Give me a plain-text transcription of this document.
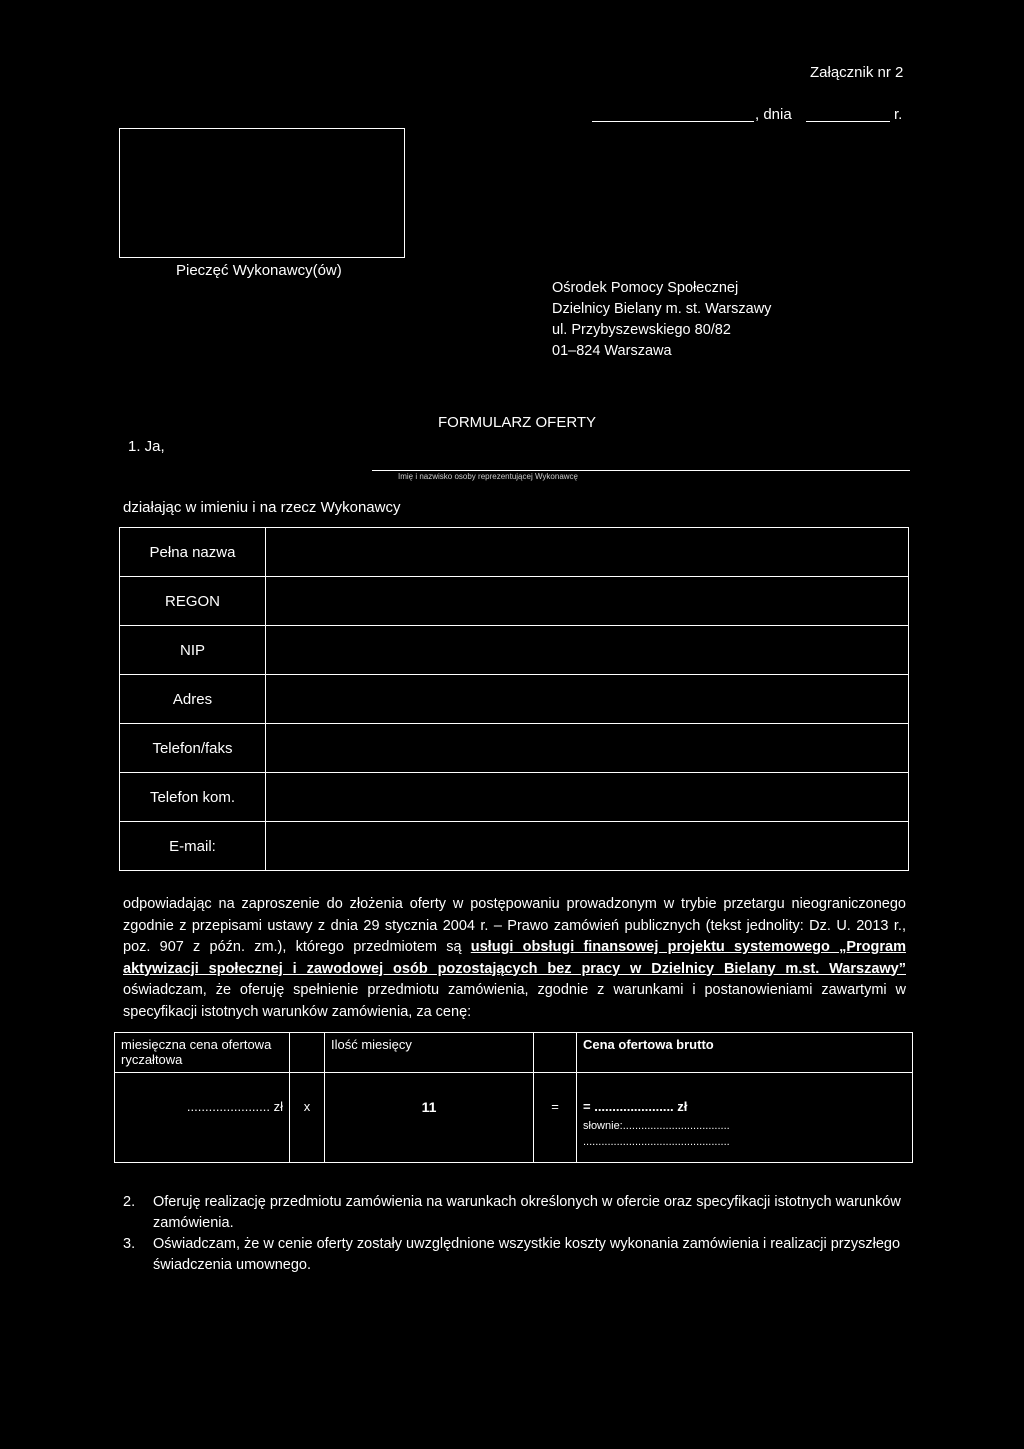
Załącznik nr 2
, dnia	r.
Pieczęć Wykonawcy(ów)
Ośrodek Pomocy Społecznej
Dzielnicy Bielany m. st. Warszawy
ul. Przybyszewskiego 80/82
01–824 Warszawa
FORMULARZ OFERTY
1. Ja,
Imię i nazwisko osoby reprezentującej Wykonawcę
działając w imieniu i na rzecz Wykonawcy
Pełna nazwa	
REGON	
NIP	
Adres	
Telefon/faks	
Telefon kom.	
E-mail:	
odpowiadając na zaproszenie do złożenia oferty w postępowaniu prowadzonym w trybie przetargu nieograniczonego zgodnie z przepisami ustawy z dnia 29 stycznia 2004 r. – Prawo zamówień publicznych (tekst jednolity: Dz. U. 2013 r., poz. 907 z późn. zm.), którego przedmiotem są usługi obsługi finansowej projektu systemowego „Program aktywizacji społecznej i zawodowej osób pozostających bez pracy w Dzielnicy Bielany m.st. Warszawy” oświadczam, że oferuję spełnienie przedmiotu zamówienia, zgodnie z warunkami i postanowieniami zawartymi w specyfikacji istotnych warunków zamówienia, za cenę:
miesięczna cena ofertowa ryczałtowa		Ilość miesięcy		Cena ofertowa brutto
....................... zł	x	11	=	= ...................... zł
słownie:...................................
................................................
2.	Oferuję realizację przedmiotu zamówienia na warunkach określonych w ofercie oraz specyfikacji istotnych warunków zamówienia.
3.	Oświadczam, że w cenie oferty zostały uwzględnione wszystkie koszty wykonania zamówienia i realizacji przyszłego świadczenia umownego.
